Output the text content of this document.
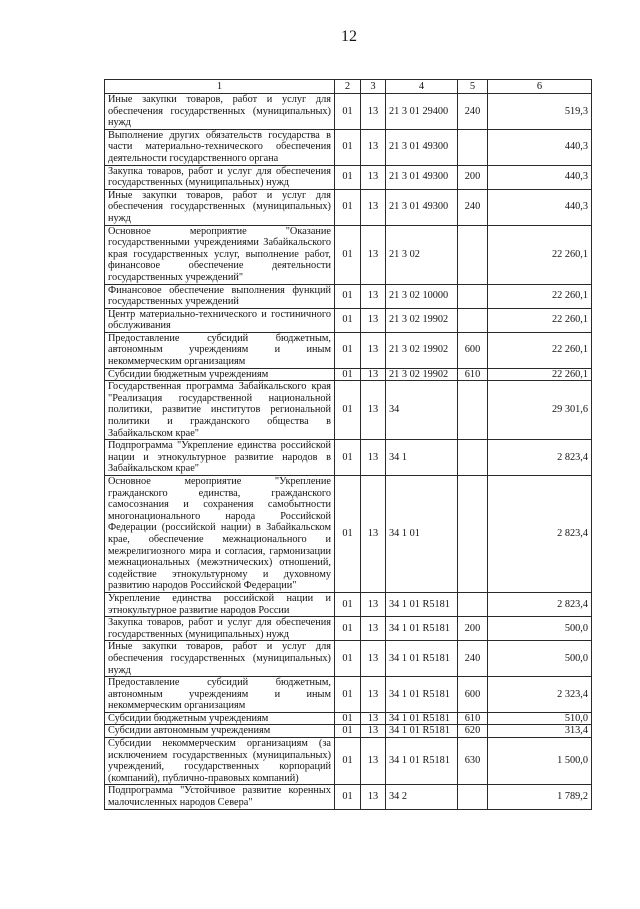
12
1	2	3	4	5	6
Иные закупки товаров, работ и услуг для обеспечения государственных (муниципальных) нужд	01	13	21 3 01 29400	240	519,3
Выполнение других обязательств государства в части материально-технического обеспечения деятельности государственного органа	01	13	21 3 01 49300		440,3
Закупка товаров, работ и услуг для обеспечения государственных (муниципальных) нужд	01	13	21 3 01 49300	200	440,3
Иные закупки товаров, работ и услуг для обеспечения государственных (муниципальных) нужд	01	13	21 3 01 49300	240	440,3
Основное мероприятие "Оказание государственными учреждениями Забайкальского края государственных услуг, выполнение работ, финансовое обеспечение деятельности государственных учреждений"	01	13	21 3 02		22 260,1
Финансовое обеспечение выполнения функций государственных учреждений	01	13	21 3 02 10000		22 260,1
Центр материально-технического и гостиничного обслуживания	01	13	21 3 02 19902		22 260,1
Предоставление субсидий бюджетным, автономным учреждениям и иным некоммерческим организациям	01	13	21 3 02 19902	600	22 260,1
Субсидии бюджетным учреждениям	01	13	21 3 02 19902	610	22 260,1
Государственная программа Забайкальского края "Реализация государственной национальной политики, развитие институтов региональной политики и гражданского общества в Забайкальском крае"	01	13	34		29 301,6
Подпрограмма "Укрепление единства российской нации и этнокультурное развитие народов в Забайкальском крае"	01	13	34 1		2 823,4
Основное мероприятие "Укрепление гражданского единства, гражданского самосознания и сохранения самобытности многонационального народа Российской Федерации (российской нации) в Забайкальском крае, обеспечение межнационального и межрелигиозного мира и согласия, гармонизации межнациональных (межэтнических) отношений, содействие этнокультурному и духовному развитию народов Российской Федерации"	01	13	34 1 01		2 823,4
Укрепление единства российской нации и этнокультурное развитие народов России	01	13	34 1 01 R5181		2 823,4
Закупка товаров, работ и услуг для обеспечения государственных (муниципальных) нужд	01	13	34 1 01 R5181	200	500,0
Иные закупки товаров, работ и услуг для обеспечения государственных (муниципальных) нужд	01	13	34 1 01 R5181	240	500,0
Предоставление субсидий бюджетным, автономным учреждениям и иным некоммерческим организациям	01	13	34 1 01 R5181	600	2 323,4
Субсидии бюджетным учреждениям	01	13	34 1 01 R5181	610	510,0
Субсидии автономным учреждениям	01	13	34 1 01 R5181	620	313,4
Субсидии некоммерческим организациям (за исключением государственных (муниципальных) учреждений, государственных корпораций (компаний), публично-правовых компаний)	01	13	34 1 01 R5181	630	1 500,0
Подпрограмма "Устойчивое развитие коренных малочисленных народов Севера"	01	13	34 2		1 789,2
